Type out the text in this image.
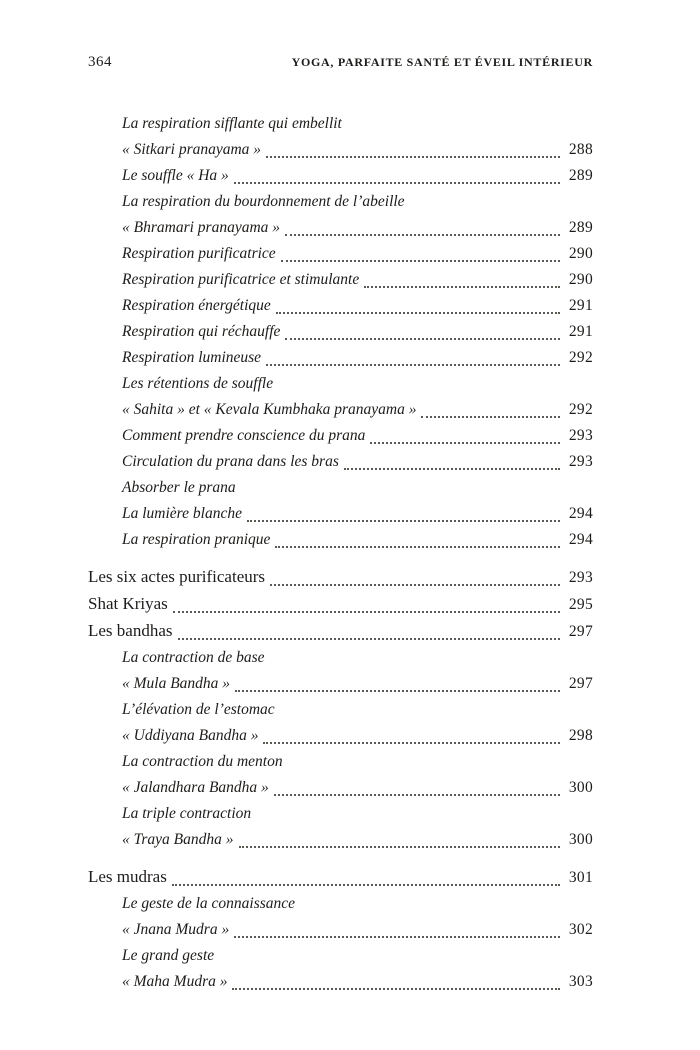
364	YOGA, PARFAITE SANTÉ ET ÉVEIL INTÉRIEUR
La respiration sifflante qui embellit
« Sitkari pranayama »	288
Le souffle « Ha »	289
La respiration du bourdonnement de l’abeille
« Bhramari pranayama »	289
Respiration purificatrice	290
Respiration purificatrice et stimulante	290
Respiration énergétique	291
Respiration qui réchauffe	291
Respiration lumineuse	292
Les rétentions de souffle
« Sahita » et « Kevala Kumbhaka pranayama »	292
Comment prendre conscience du prana	293
Circulation du prana dans les bras	293
Absorber le prana
La lumière blanche	294
La respiration pranique	294
Les six actes purificateurs	293
Shat Kriyas	295
Les bandhas	297
La contraction de base
« Mula Bandha »	297
L’élévation de l’estomac
« Uddiyana Bandha »	298
La contraction du menton
« Jalandhara Bandha »	300
La triple contraction
« Traya Bandha »	300
Les mudras	301
Le geste de la connaissance
« Jnana Mudra »	302
Le grand geste
« Maha Mudra »	303
